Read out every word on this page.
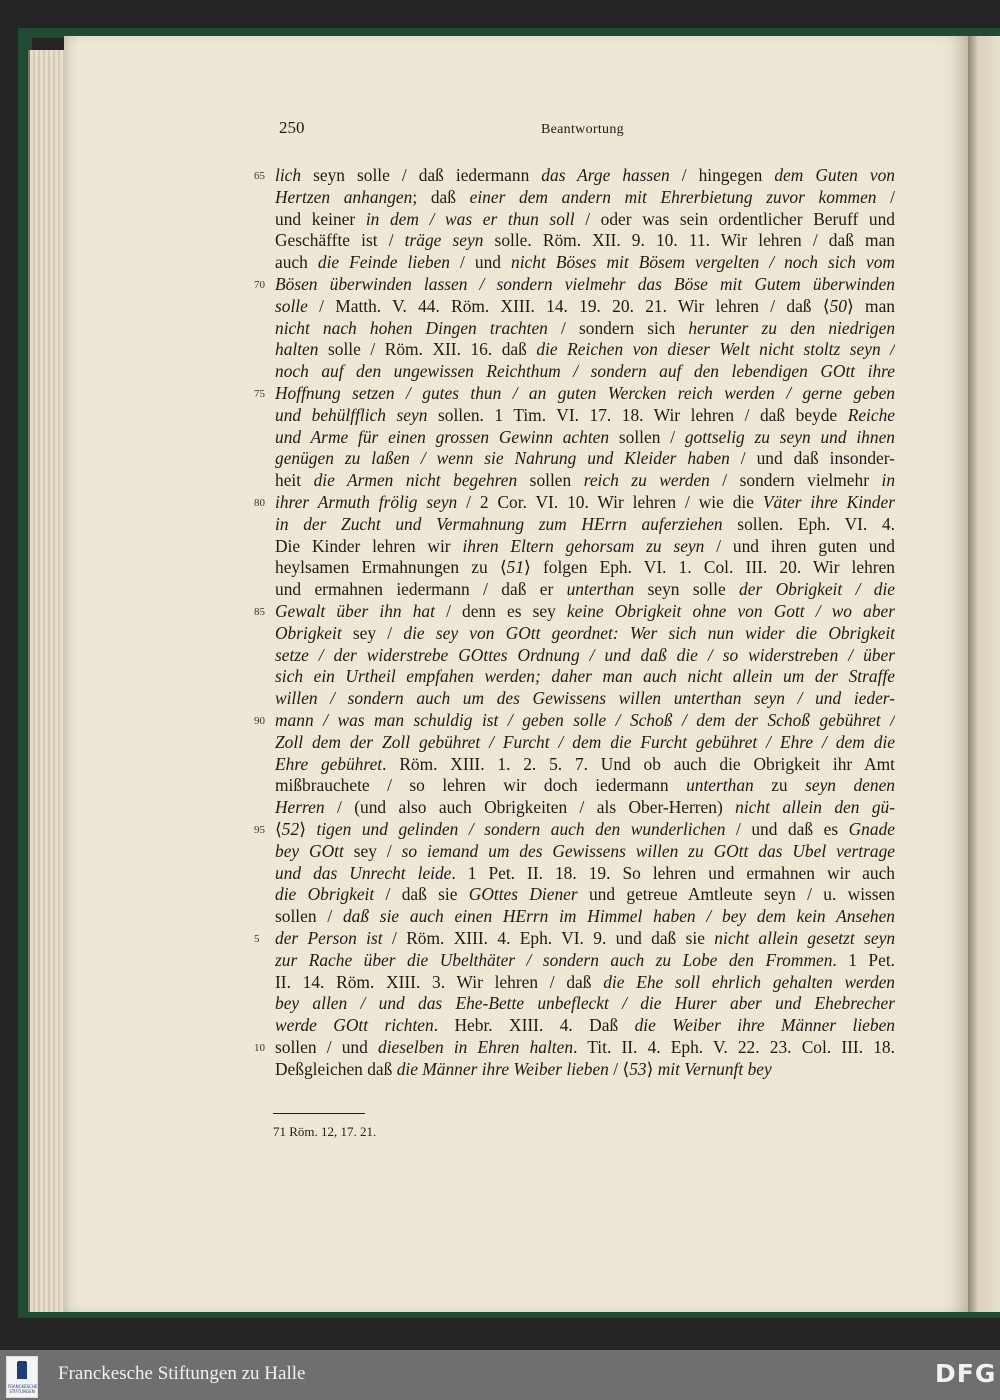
250	Beantwortung
lich seyn solle / daß iedermann das Arge hassen / hingegen dem Guten von
65
Hertzen anhangen; daß einer dem andern mit Ehrerbietung zuvor kommen /
und keiner in dem / was er thun soll / oder was sein ordentlicher Beruff und
Geschäffte ist / träge seyn solle. Röm. XII. 9. 10. 11. Wir lehren / daß man
auch die Feinde lieben / und nicht Böses mit Bösem vergelten / noch sich vom
Bösen überwinden lassen / sondern vielmehr das Böse mit Gutem überwinden
70
solle / Matth. V. 44. Röm. XIII. 14. 19. 20. 21. Wir lehren / daß ⟨50⟩ man
nicht nach hohen Dingen trachten / sondern sich herunter zu den niedrigen
halten solle / Röm. XII. 16. daß die Reichen von dieser Welt nicht stoltz seyn /
noch auf den ungewissen Reichthum / sondern auf den lebendigen GOtt ihre
Hoffnung setzen / gutes thun / an guten Wercken reich werden / gerne geben
75
und behülfflich seyn sollen. 1 Tim. VI. 17. 18. Wir lehren / daß beyde Reiche
und Arme für einen grossen Gewinn achten sollen / gottselig zu seyn und ihnen
genügen zu laßen / wenn sie Nahrung und Kleider haben / und daß insonder-
heit die Armen nicht begehren sollen reich zu werden / sondern vielmehr in
ihrer Armuth frölig seyn / 2 Cor. VI. 10. Wir lehren / wie die Väter ihre Kinder
80
in der Zucht und Vermahnung zum HErrn auferziehen sollen. Eph. VI. 4.
Die Kinder lehren wir ihren Eltern gehorsam zu seyn / und ihren guten und
heylsamen Ermahnungen zu ⟨51⟩ folgen Eph. VI. 1. Col. III. 20. Wir lehren
und ermahnen iedermann / daß er unterthan seyn solle der Obrigkeit / die
Gewalt über ihn hat / denn es sey keine Obrigkeit ohne von Gott / wo aber
85
Obrigkeit sey / die sey von GOtt geordnet: Wer sich nun wider die Obrigkeit
setze / der widerstrebe GOttes Ordnung / und daß die / so widerstreben / über
sich ein Urtheil empfahen werden; daher man auch nicht allein um der Straffe
willen / sondern auch um des Gewissens willen unterthan seyn / und ieder-
mann / was man schuldig ist / geben solle / Schoß / dem der Schoß gebühret /
90
Zoll dem der Zoll gebühret / Furcht / dem die Furcht gebühret / Ehre / dem die
Ehre gebühret. Röm. XIII. 1. 2. 5. 7. Und ob auch die Obrigkeit ihr Amt
mißbrauchete / so lehren wir doch iedermann unterthan zu seyn denen
Herren / (und also auch Obrigkeiten / als Ober-Herren) nicht allein den gü-
⟨52⟩ tigen und gelinden / sondern auch den wunderlichen / und daß es Gnade
95
bey GOtt sey / so iemand um des Gewissens willen zu GOtt das Ubel vertrage
und das Unrecht leide. 1 Pet. II. 18. 19. So lehren und ermahnen wir auch
die Obrigkeit / daß sie GOttes Diener und getreue Amtleute seyn / u. wissen
sollen / daß sie auch einen HErrn im Himmel haben / bey dem kein Ansehen
der Person ist / Röm. XIII. 4. Eph. VI. 9. und daß sie nicht allein gesetzt seyn
5
zur Rache über die Ubelthäter / sondern auch zu Lobe den Frommen. 1 Pet.
II. 14. Röm. XIII. 3. Wir lehren / daß die Ehe soll ehrlich gehalten werden
bey allen / und das Ehe-Bette unbefleckt / die Hurer aber und Ehebrecher
werde GOtt richten. Hebr. XIII. 4. Daß die Weiber ihre Männer lieben
sollen / und dieselben in Ehren halten. Tit. II. 4. Eph. V. 22. 23. Col. III. 18.
10
Deßgleichen daß die Männer ihre Weiber lieben / ⟨53⟩ mit Vernunft bey
71 Röm. 12, 17. 21.
FRANCKESCHE STIFTUNGEN
Franckesche Stiftungen zu Halle	DFG
